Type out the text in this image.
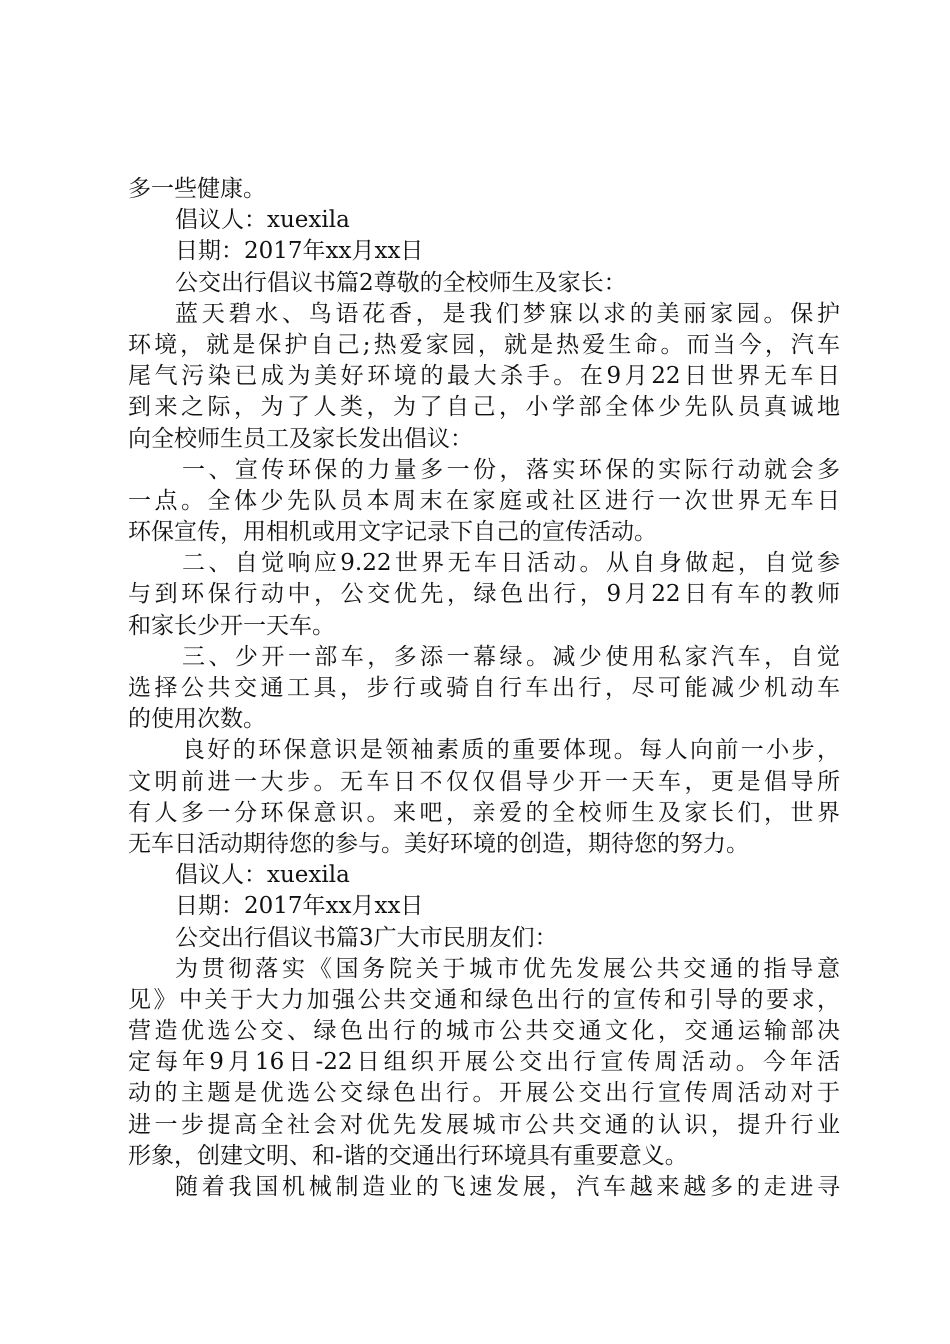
多一些健康。
倡议人：xuexila
日期：2017年xx月xx日
公交出行倡议书篇2尊敬的全校师生及家长：
蓝天碧水、鸟语花香，是我们梦寐以求的美丽家园。保护
环境，就是保护自己;热爱家园，就是热爱生命。而当今，汽车
尾气污染已成为美好环境的最大杀手。在9月22日世界无车日
到来之际，为了人类，为了自己，小学部全体少先队员真诚地
向全校师生员工及家长发出倡议：
一、宣传环保的力量多一份，落实环保的实际行动就会多
一点。全体少先队员本周末在家庭或社区进行一次世界无车日
环保宣传，用相机或用文字记录下自己的宣传活动。
二、自觉响应9.22世界无车日活动。从自身做起，自觉参
与到环保行动中，公交优先，绿色出行，9月22日有车的教师
和家长少开一天车。
三、少开一部车，多添一幕绿。减少使用私家汽车，自觉
选择公共交通工具，步行或骑自行车出行，尽可能减少机动车
的使用次数。
良好的环保意识是领袖素质的重要体现。每人向前一小步，
文明前进一大步。无车日不仅仅倡导少开一天车，更是倡导所
有人多一分环保意识。来吧，亲爱的全校师生及家长们，世界
无车日活动期待您的参与。美好环境的创造，期待您的努力。
倡议人：xuexila
日期：2017年xx月xx日
公交出行倡议书篇3广大市民朋友们：
为贯彻落实《国务院关于城市优先发展公共交通的指导意
见》中关于大力加强公共交通和绿色出行的宣传和引导的要求，
营造优选公交、绿色出行的城市公共交通文化，交通运输部决
定每年9月16日-22日组织开展公交出行宣传周活动。今年活
动的主题是优选公交绿色出行。开展公交出行宣传周活动对于
进一步提高全社会对优先发展城市公共交通的认识，提升行业
形象，创建文明、和-谐的交通出行环境具有重要意义。
随着我国机械制造业的飞速发展，汽车越来越多的走进寻
